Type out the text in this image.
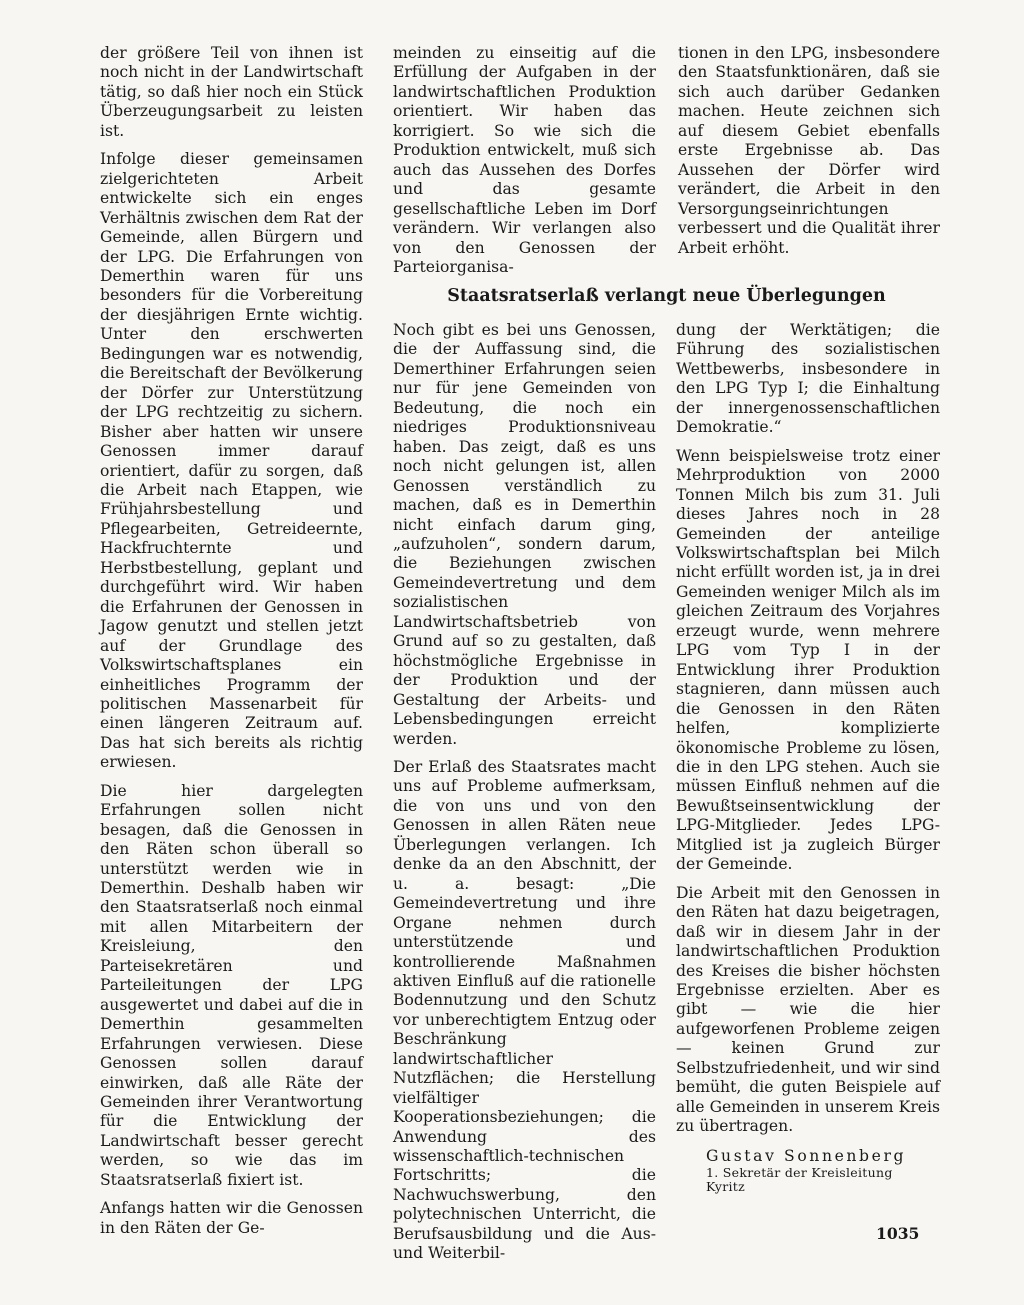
der größere Teil von ihnen ist noch nicht in der Landwirtschaft tätig, so daß hier noch ein Stück Überzeugungsarbeit zu leisten ist.

Infolge dieser gemeinsamen zielgerichteten Arbeit entwickelte sich ein enges Verhältnis zwischen dem Rat der Gemeinde, allen Bürgern und der LPG. Die Erfahrungen von Demerthin waren für uns besonders für die Vorbereitung der diesjährigen Ernte wichtig. Unter den erschwerten Bedingungen war es notwendig, die Bereitschaft der Bevölkerung der Dörfer zur Unterstützung der LPG rechtzeitig zu sichern. Bisher aber hatten wir unsere Genossen immer darauf orientiert, dafür zu sorgen, daß die Arbeit nach Etappen, wie Frühjahrsbestellung und Pflegearbeiten, Getreideernte, Hackfruchternte und Herbstbestellung, geplant und durchgeführt wird. Wir haben die Erfahrunen der Genossen in Jagow genutzt und stellen jetzt auf der Grundlage des Volkswirtschaftsplanes ein einheitliches Programm der politischen Massenarbeit für einen längeren Zeitraum auf. Das hat sich bereits als richtig erwiesen.

Die hier dargelegten Erfahrungen sollen nicht besagen, daß die Genossen in den Räten schon überall so unterstützt werden wie in Demerthin. Deshalb haben wir den Staatsratserlaß noch einmal mit allen Mitarbeitern der Kreisleiung, den Parteisekretären und Parteileitungen der LPG ausgewertet und dabei auf die in Demerthin gesammelten Erfahrungen verwiesen. Diese Genossen sollen darauf einwirken, daß alle Räte der Gemeinden ihrer Verantwortung für die Entwicklung der Landwirtschaft besser gerecht werden, so wie das im Staatsratserlaß fixiert ist.

Anfangs hatten wir die Genossen in den Räten der Ge-

meinden zu einseitig auf die Erfüllung der Aufgaben in der landwirtschaftlichen Produktion orientiert. Wir haben das korrigiert. So wie sich die Produktion entwickelt, muß sich auch das Aussehen des Dorfes und das gesamte gesellschaftliche Leben im Dorf verändern. Wir verlangen also von den Genossen der Parteiorganisa-

tionen in den LPG, insbesondere den Staatsfunktionären, daß sie sich auch darüber Gedanken machen. Heute zeichnen sich auf diesem Gebiet ebenfalls erste Ergebnisse ab. Das Aussehen der Dörfer wird verändert, die Arbeit in den Versorgungseinrichtungen verbessert und die Qualität ihrer Arbeit erhöht.

Staatsratserlaß verlangt neue Überlegungen

Noch gibt es bei uns Genossen, die der Auffassung sind, die Demerthiner Erfahrungen seien nur für jene Gemeinden von Bedeutung, die noch ein niedriges Produktionsniveau haben. Das zeigt, daß es uns noch nicht gelungen ist, allen Genossen verständlich zu machen, daß es in Demerthin nicht einfach darum ging, „aufzuholen“, sondern darum, die Beziehungen zwischen Gemeindevertretung und dem sozialistischen Landwirtschaftsbetrieb von Grund auf so zu gestalten, daß höchstmögliche Ergebnisse in der Produktion und der Gestaltung der Arbeits- und Lebensbedingungen erreicht werden.

Der Erlaß des Staatsrates macht uns auf Probleme aufmerksam, die von uns und von den Genossen in allen Räten neue Überlegungen verlangen. Ich denke da an den Abschnitt, der u. a. besagt: „Die Gemeindevertretung und ihre Organe nehmen durch unterstützende und kontrollierende Maßnahmen aktiven Einfluß auf die rationelle Bodennutzung und den Schutz vor unberechtigtem Entzug oder Beschränkung landwirtschaftlicher Nutzflächen; die Herstellung vielfältiger Kooperationsbeziehungen; die Anwendung des wissenschaftlich-technischen Fortschritts; die Nachwuchswerbung, den polytechnischen Unterricht, die Berufsausbildung und die Aus- und Weiterbil-

dung der Werktätigen; die Führung des sozialistischen Wettbewerbs, insbesondere in den LPG Typ I; die Einhaltung der innergenossenschaftlichen Demokratie.“

Wenn beispielsweise trotz einer Mehrproduktion von 2000 Tonnen Milch bis zum 31. Juli dieses Jahres noch in 28 Gemeinden der anteilige Volkswirtschaftsplan bei Milch nicht erfüllt worden ist, ja in drei Gemeinden weniger Milch als im gleichen Zeitraum des Vorjahres erzeugt wurde, wenn mehrere LPG vom Typ I in der Entwicklung ihrer Produktion stagnieren, dann müssen auch die Genossen in den Räten helfen, komplizierte ökonomische Probleme zu lösen, die in den LPG stehen. Auch sie müssen Einfluß nehmen auf die Bewußtseinsentwicklung der LPG-Mitglieder. Jedes LPG-Mitglied ist ja zugleich Bürger der Gemeinde.

Die Arbeit mit den Genossen in den Räten hat dazu beigetragen, daß wir in diesem Jahr in der landwirtschaftlichen Produktion des Kreises die bisher höchsten Ergebnisse erzielten. Aber es gibt — wie die hier aufgeworfenen Probleme zeigen — keinen Grund zur Selbstzufriedenheit, und wir sind bemüht, die guten Beispiele auf alle Gemeinden in unserem Kreis zu übertragen.

Gustav Sonnenberg
1. Sekretär der Kreisleitung
Kyritz
1035
